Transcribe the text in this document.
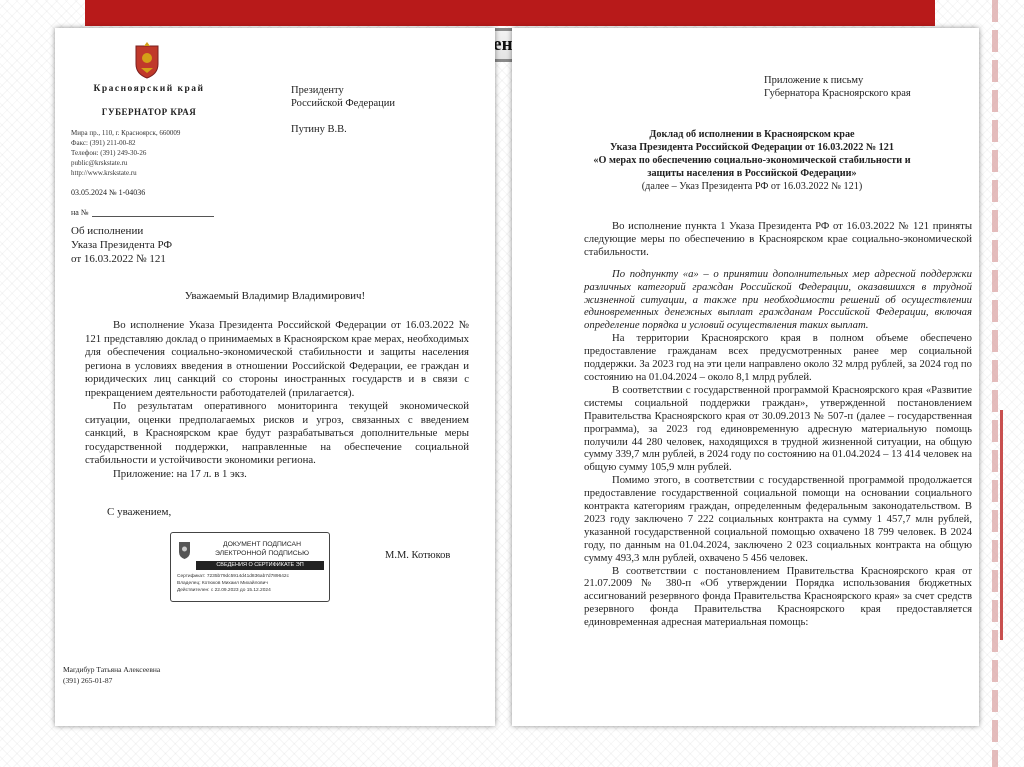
Красноярский край
ГУБЕРНАТОР КРАЯ
Мира пр., 110, г. Красноярск, 660009
Факс: (391) 211-00-82
Телефон: (391) 249-30-26
public@krskstate.ru
http://www.krskstate.ru
03.05.2024 № 1-04036
на №
Президенту
Российской Федерации
Путину В.В.
Об исполнении
Указа Президента РФ
от 16.03.2022 № 121
Уважаемый Владимир Владимирович!

Во исполнение Указа Президента Российской Федерации от 16.03.2022 № 121 представляю доклад о принимаемых в Красноярском крае мерах, необходимых для обеспечения социально-экономической стабильности и защиты населения региона в условиях введения в отношении Российской Федерации, ее граждан и юридических лиц санкций со стороны иностранных государств и в связи с прекращением деятельности работодателей (прилагается).

По результатам оперативного мониторинга текущей экономической ситуации, оценки предполагаемых рисков и угроз, связанных с введением санкций, в Красноярском крае будут разрабатываться дополнительные меры государственной поддержки, направленные на обеспечение социальной стабильности и устойчивости экономики региона.

Приложение: на 17 л. в 1 экз.

С уважением,
ДОКУМЕНТ ПОДПИСАН ЭЛЕКТРОННОЙ ПОДПИСЬЮ
СВЕДЕНИЯ О СЕРТИФИКАТЕ ЭП
Сертификат: 7235b79dc5914d41d836ab7d789642c
Владелец: Котюков Михаил Михайлович
Действителен: с 22.09.2023 до 15.12.2024
М.М. Котюков
Магдибур Татьяна Алексеевна
(391) 265-01-87
Приложение к письму
Губернатора Красноярского края
Доклад об исполнении в Красноярском крае
Указа Президента Российской Федерации от 16.03.2022 № 121
«О мерах по обеспечению социально-экономической стабильности и
защиты населения в Российской Федерации»
(далее – Указ Президента РФ от 16.03.2022 № 121)

Во исполнение пункта 1 Указа Президента РФ от 16.03.2022 № 121 приняты следующие меры по обеспечению в Красноярском крае социально-экономической стабильности.

По подпункту «а» – о принятии дополнительных мер адресной поддержки различных категорий граждан Российской Федерации, оказавшихся в трудной жизненной ситуации, а также при необходимости решений об осуществлении единовременных денежных выплат гражданам Российской Федерации, включая определение порядка и условий осуществления таких выплат.

На территории Красноярского края в полном объеме обеспечено предоставление гражданам всех предусмотренных ранее мер социальной поддержки. За 2023 год на эти цели направлено около 32 млрд рублей, за 2024 год по состоянию на 01.04.2024 – около 8,1 млрд рублей.

В соответствии с государственной программой Красноярского края «Развитие системы социальной поддержки граждан», утвержденной постановлением Правительства Красноярского края от 30.09.2013 № 507-п (далее – государственная программа), за 2023 год единовременную адресную материальную помощь получили 44 280 человек, находящихся в трудной жизненной ситуации, на общую сумму 339,7 млн рублей, в 2024 году по состоянию на 01.04.2024 – 13 414 человек на общую сумму 105,9 млн рублей.

Помимо этого, в соответствии с государственной программой продолжается предоставление государственной социальной помощи на основании социального контракта категориям граждан, определенным федеральным законодательством. В 2023 году заключено 7 222 социальных контракта на сумму 1 457,7 млн рублей, указанной государственной социальной помощью охвачено 18 799 человек. В 2024 году, по данным на 01.04.2024, заключено 2 023 социальных контракта на общую сумму 493,3 млн рублей, охвачено 5 456 человек.

В соответствии с постановлением Правительства Красноярского края от 21.07.2009 № 380-п «Об утверждении Порядка использования бюджетных ассигнований резервного фонда Правительства Красноярского края» за счет средств резервного фонда Правительства Красноярского края предоставляется единовременная адресная материальная помощь:
